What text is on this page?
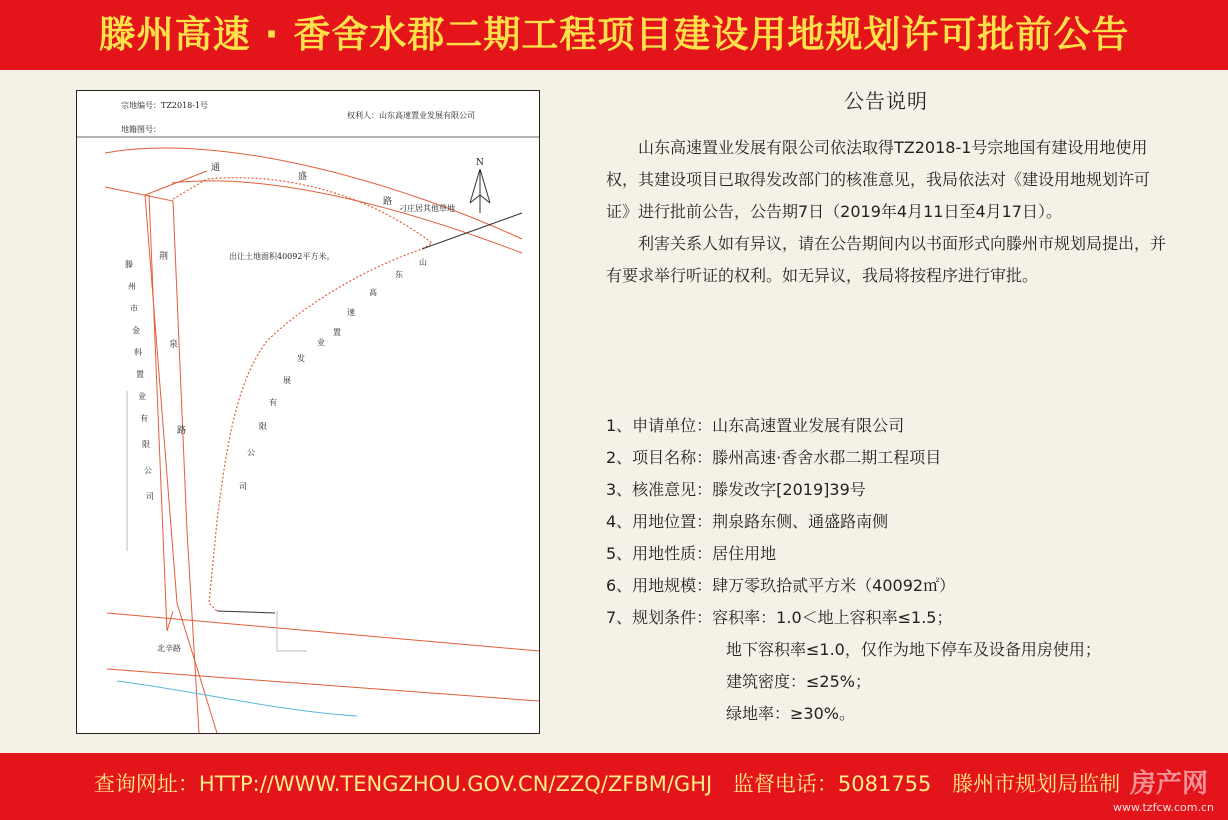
滕州高速 · 香舍水郡二期工程项目建设用地规划许可批前公告
宗地编号：TZ2018-1号
权利人：山东高速置业发展有限公司
地籍图号：
N
通
盛
路
荆
泉
路
北辛路
滕
州
市
金
科
置
业
有
限
公
司
山
东
高
速
置
业
发
展
有
限
公
司
出让土地面积40092平方米。
刁庄居其他草地
公告说明

山东高速置业发展有限公司依法取得TZ2018-1号宗地国有建设用地使用权，其建设项目已取得发改部门的核准意见，我局依法对《建设用地规划许可证》进行批前公告，公告期7日（2019年4月11日至4月17日）。

利害关系人如有异议，请在公告期间内以书面形式向滕州市规划局提出，并有要求举行听证的权利。如无异议，我局将按程序进行审批。

1、申请单位：山东高速置业发展有限公司
2、项目名称：滕州高速·香舍水郡二期工程项目
3、核准意见：滕发改字[2019]39号
4、用地位置：荆泉路东侧、通盛路南侧
5、用地性质：居住用地
6、用地规模：肆万零玖拾贰平方米（40092㎡）
7、规划条件：容积率：1.0＜地上容积率≤1.5；
地下容积率≤1.0，仅作为地下停车及设备用房使用；
建筑密度：≤25%；
绿地率：≥30%。
查询网址：HTTP://WWW.TENGZHOU.GOV.CN/ZZQ/ZFBM/GHJ 监督电话：5081755 滕州市规划局监制 房产网
www.tzfcw.com.cn
